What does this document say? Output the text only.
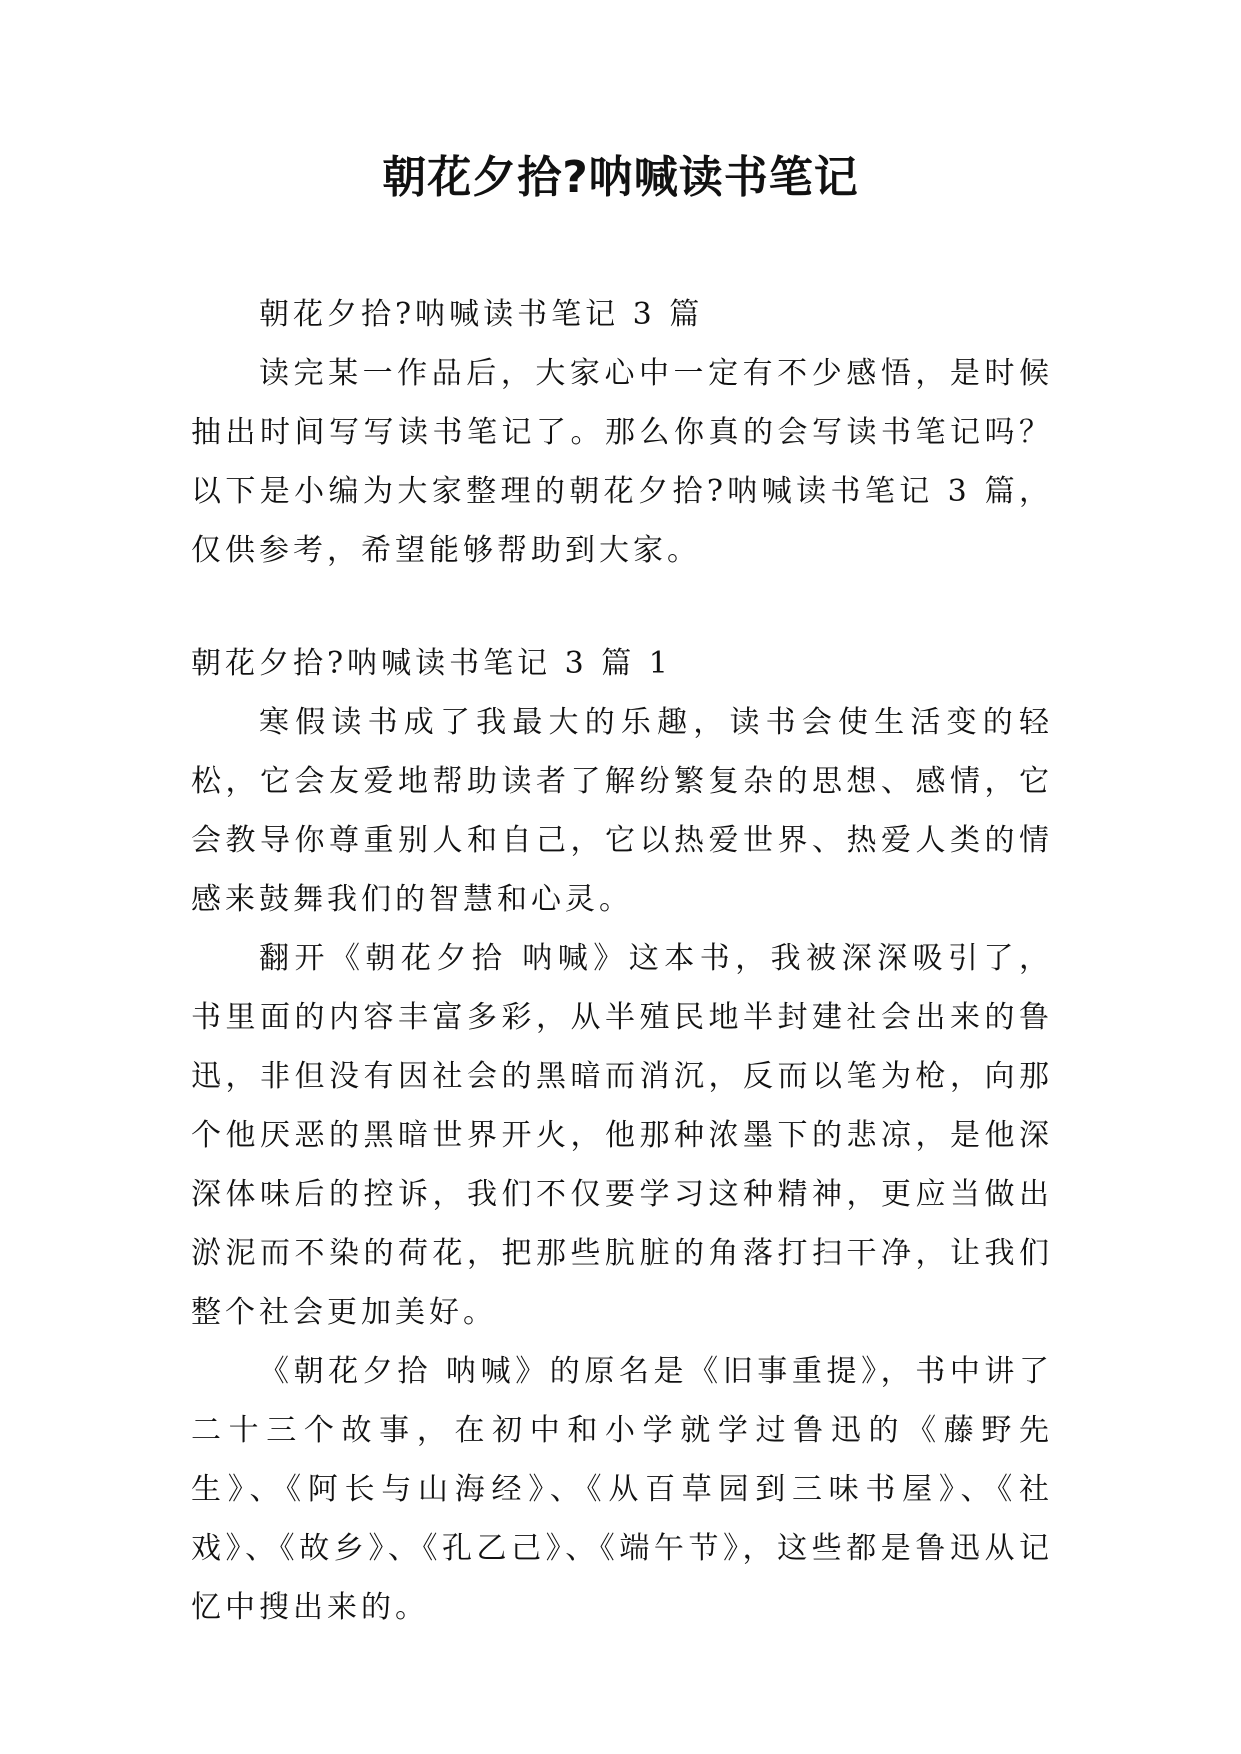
朝花夕拾?呐喊读书笔记

朝花夕拾?呐喊读书笔记 3 篇

读完某一作品后，大家心中一定有不少感悟，是时候抽出时间写写读书笔记了。那么你真的会写读书笔记吗？以下是小编为大家整理的朝花夕拾?呐喊读书笔记 3 篇，仅供参考，希望能够帮助到大家。

朝花夕拾?呐喊读书笔记 3 篇 1

寒假读书成了我最大的乐趣，读书会使生活变的轻松，它会友爱地帮助读者了解纷繁复杂的思想、感情，它会教导你尊重别人和自己，它以热爱世界、热爱人类的情感来鼓舞我们的智慧和心灵。

翻开《朝花夕拾 呐喊》这本书，我被深深吸引了，书里面的内容丰富多彩，从半殖民地半封建社会出来的鲁迅，非但没有因社会的黑暗而消沉，反而以笔为枪，向那个他厌恶的黑暗世界开火，他那种浓墨下的悲凉，是他深深体味后的控诉，我们不仅要学习这种精神，更应当做出淤泥而不染的荷花，把那些肮脏的角落打扫干净，让我们整个社会更加美好。

《朝花夕拾 呐喊》的原名是《旧事重提》，书中讲了二十三个故事，在初中和小学就学过鲁迅的《藤野先生》、《阿长与山海经》、《从百草园到三味书屋》、《社戏》、《故乡》、《孔乙己》、《端午节》，这些都是鲁迅从记忆中搜出来的。
